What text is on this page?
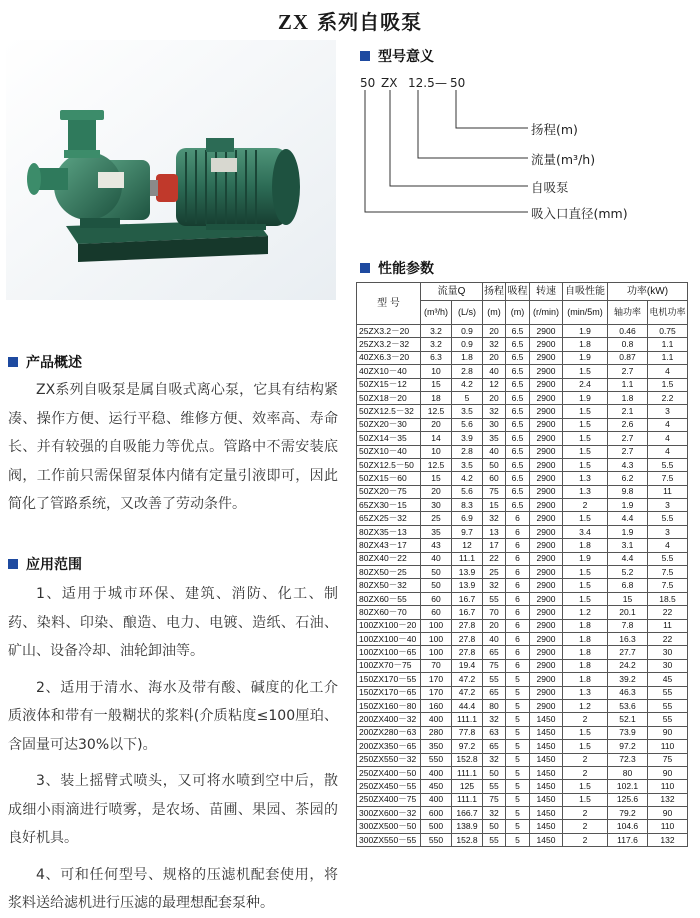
ZX 系列自吸泵
型号意义
50 ZX 12.5 — 50
扬程(m)
流量(m³/h)
自吸泵
吸入口直径(mm)
性能参数
型 号	流量Q		扬程	吸程	转速	自吸性能	功率(kW)	
	(m³/h)	(L/s)	(m)	(m)	(r/min)	(min/5m)	轴功率	电机功率
25ZX3.2－20	3.2	0.9	20	6.5	2900	1.9	0.46	0.75
25ZX3.2－32	3.2	0.9	32	6.5	2900	1.8	0.8	1.1
40ZX6.3－20	6.3	1.8	20	6.5	2900	1.9	0.87	1.1
40ZX10－40	10	2.8	40	6.5	2900	1.5	2.7	4
50ZX15－12	15	4.2	12	6.5	2900	2.4	1.1	1.5
50ZX18－20	18	5	20	6.5	2900	1.9	1.8	2.2
50ZX12.5－32	12.5	3.5	32	6.5	2900	1.5	2.1	3
50ZX20－30	20	5.6	30	6.5	2900	1.5	2.6	4
50ZX14－35	14	3.9	35	6.5	2900	1.5	2.7	4
50ZX10－40	10	2.8	40	6.5	2900	1.5	2.7	4
50ZX12.5－50	12.5	3.5	50	6.5	2900	1.5	4.3	5.5
50ZX15－60	15	4.2	60	6.5	2900	1.3	6.2	7.5
50ZX20－75	20	5.6	75	6.5	2900	1.3	9.8	11
65ZX30－15	30	8.3	15	6.5	2900	2	1.9	3
65ZX25－32	25	6.9	32	6	2900	1.5	4.4	5.5
80ZX35－13	35	9.7	13	6	2900	3.4	1.9	3
80ZX43－17	43	12	17	6	2900	1.8	3.1	4
80ZX40－22	40	11.1	22	6	2900	1.9	4.4	5.5
80ZX50－25	50	13.9	25	6	2900	1.5	5.2	7.5
80ZX50－32	50	13.9	32	6	2900	1.5	6.8	7.5
80ZX60－55	60	16.7	55	6	2900	1.5	15	18.5
80ZX60－70	60	16.7	70	6	2900	1.2	20.1	22
100ZX100－20	100	27.8	20	6	2900	1.8	7.8	11
100ZX100－40	100	27.8	40	6	2900	1.8	16.3	22
100ZX100－65	100	27.8	65	6	2900	1.8	27.7	30
100ZX70－75	70	19.4	75	6	2900	1.8	24.2	30
150ZX170－55	170	47.2	55	5	2900	1.8	39.2	45
150ZX170－65	170	47.2	65	5	2900	1.3	46.3	55
150ZX160－80	160	44.4	80	5	2900	1.2	53.6	55
200ZX400－32	400	111.1	32	5	1450	2	52.1	55
200ZX280－63	280	77.8	63	5	1450	1.5	73.9	90
200ZX350－65	350	97.2	65	5	1450	1.5	97.2	110
250ZX550－32	550	152.8	32	5	1450	2	72.3	75
250ZX400－50	400	111.1	50	5	1450	2	80	90
250ZX450－55	450	125	55	5	1450	1.5	102.1	110
250ZX400－75	400	111.1	75	5	1450	1.5	125.6	132
300ZX600－32	600	166.7	32	5	1450	2	79.2	90
300ZX500－50	500	138.9	50	5	1450	2	104.6	110
300ZX550－55	550	152.8	55	5	1450	2	117.6	132
产品概述

ZX系列自吸泵是属自吸式离心泵，它具有结构紧凑、操作方便、运行平稳、维修方便、效率高、寿命长、并有较强的自吸能力等优点。管路中不需安装底阀，工作前只需保留泵体内储有定量引液即可，因此简化了管路系统，又改善了劳动条件。

应用范围

1、适用于城市环保、建筑、消防、化工、制药、染料、印染、酿造、电力、电镀、造纸、石油、矿山、设备冷却、油轮卸油等。

2、适用于清水、海水及带有酸、碱度的化工介质液体和带有一般糊状的浆料(介质粘度≤100厘珀、含固量可达30%以下)。

3、装上摇臂式喷头，又可将水喷到空中后，散成细小雨滴进行喷雾，是农场、苗圃、果园、茶园的良好机具。

4、可和任何型号、规格的压滤机配套使用，将浆料送给滤机进行压滤的最理想配套泵种。
